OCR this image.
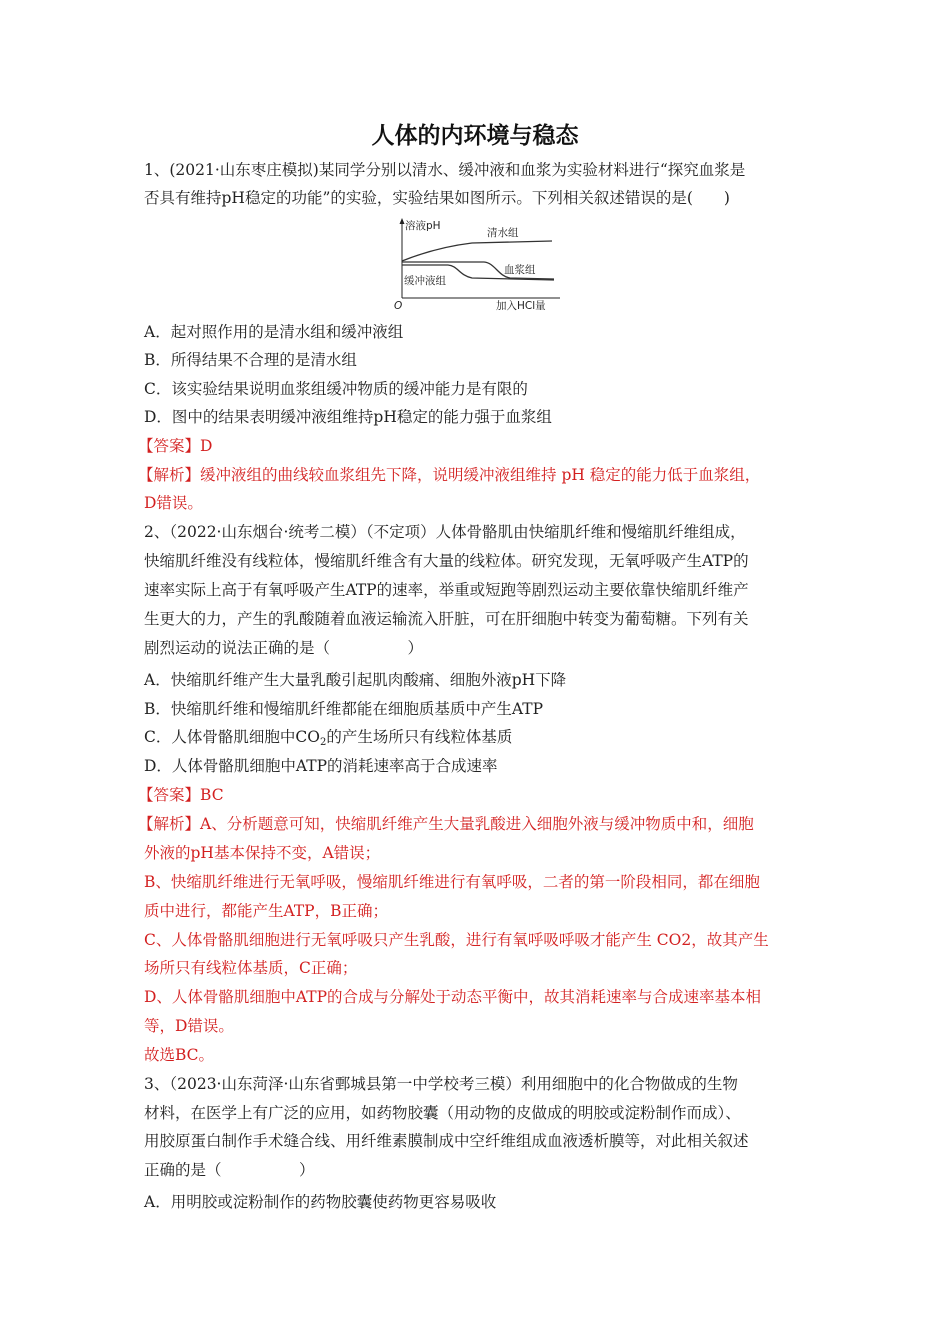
人体的内环境与稳态
1、(2021·山东枣庄模拟)某同学分别以清水、缓冲液和血浆为实验材料进行“探究血浆是
否具有维持pH稳定的功能”的实验，实验结果如图所示。下列相关叙述错误的是(　　)
溶液pH
O	加入HCl量
清水组
血浆组
缓冲液组
A．起对照作用的是清水组和缓冲液组
B．所得结果不合理的是清水组
C．该实验结果说明血浆组缓冲物质的缓冲能力是有限的
D．图中的结果表明缓冲液组维持pH稳定的能力强于血浆组
【答案】D
【解析】缓冲液组的曲线较血浆组先下降，说明缓冲液组维持 pH 稳定的能力低于血浆组，
D错误。
2、（2022·山东烟台·统考二模）（不定项）人体骨骼肌由快缩肌纤维和慢缩肌纤维组成，
快缩肌纤维没有线粒体，慢缩肌纤维含有大量的线粒体。研究发现，无氧呼吸产生ATP的
速率实际上高于有氧呼吸产生ATP的速率，举重或短跑等剧烈运动主要依靠快缩肌纤维产
生更大的力，产生的乳酸随着血液运输流入肝脏，可在肝细胞中转变为葡萄糖。下列有关
剧烈运动的说法正确的是（　　　　　）
A．快缩肌纤维产生大量乳酸引起肌肉酸痛、细胞外液pH下降
B．快缩肌纤维和慢缩肌纤维都能在细胞质基质中产生ATP
C．人体骨骼肌细胞中$CO_2$的产生场所只有线粒体基质
D．人体骨骼肌细胞中ATP的消耗速率高于合成速率
【答案】BC
【解析】A、分析题意可知，快缩肌纤维产生大量乳酸进入细胞外液与缓冲物质中和，细胞
外液的pH基本保持不变，A错误；
B、快缩肌纤维进行无氧呼吸，慢缩肌纤维进行有氧呼吸，二者的第一阶段相同，都在细胞
质中进行，都能产生ATP，B正确；
C、人体骨骼肌细胞进行无氧呼吸只产生乳酸，进行有氧呼吸呼吸才能产生 CO2，故其产生
场所只有线粒体基质，C正确；
D、人体骨骼肌细胞中ATP的合成与分解处于动态平衡中，故其消耗速率与合成速率基本相
等，D错误。
故选BC。
3、（2023·山东菏泽·山东省鄄城县第一中学校考三模）利用细胞中的化合物做成的生物
材料，在医学上有广泛的应用，如药物胶囊（用动物的皮做成的明胶或淀粉制作而成）、
用胶原蛋白制作手术缝合线、用纤维素膜制成中空纤维组成血液透析膜等，对此相关叙述
正确的是（　　　　　）
A．用明胶或淀粉制作的药物胶囊使药物更容易吸收
